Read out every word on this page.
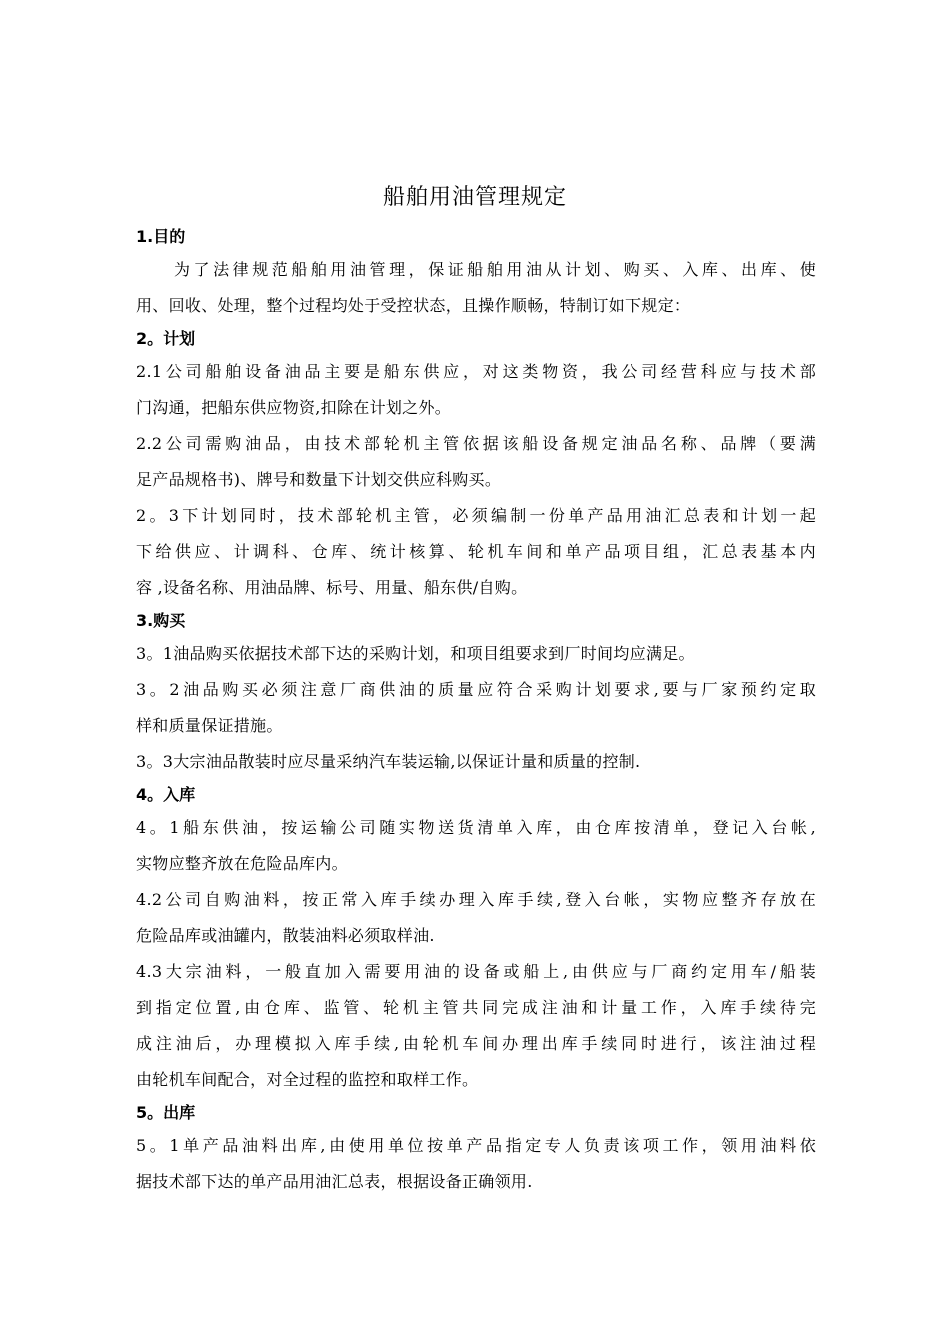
船舶用油管理规定
1.目的
为了法律规范船舶用油管理，保证船舶用油从计划、购买、入库、出库、使
用、回收、处理，整个过程均处于受控状态，且操作顺畅，特制订如下规定：
2。计划
2.1公司船舶设备油品主要是船东供应，对这类物资，我公司经营科应与技术部
门沟通，把船东供应物资,扣除在计划之外。
2.2公司需购油品，由技术部轮机主管依据该船设备规定油品名称、品牌（要满
足产品规格书)、牌号和数量下计划交供应科购买。
2。3下计划同时，技术部轮机主管，必须编制一份单产品用油汇总表和计划一起
下给供应、计调科、仓库、统计核算、轮机车间和单产品项目组，汇总表基本内
容 ,设备名称、用油品牌、标号、用量、船东供/自购。
3.购买
3。1油品购买依据技术部下达的采购计划，和项目组要求到厂时间均应满足。
3。2油品购买必须注意厂商供油的质量应符合采购计划要求,要与厂家预约定取
样和质量保证措施。
3。3大宗油品散装时应尽量采纳汽车装运输,以保证计量和质量的控制.
4。入库
4。1船东供油，按运输公司随实物送货清单入库，由仓库按清单，登记入台帐,
实物应整齐放在危险品库内。
4.2公司自购油料，按正常入库手续办理入库手续,登入台帐，实物应整齐存放在
危险品库或油罐内，散装油料必须取样油.
4.3大宗油料，一般直加入需要用油的设备或船上,由供应与厂商约定用车/船装
到指定位置,由仓库、监管、轮机主管共同完成注油和计量工作，入库手续待完
成注油后，办理模拟入库手续,由轮机车间办理出库手续同时进行，该注油过程
由轮机车间配合，对全过程的监控和取样工作。
5。出库
5。1单产品油料出库,由使用单位按单产品指定专人负责该项工作，领用油料依
据技术部下达的单产品用油汇总表，根据设备正确领用.
